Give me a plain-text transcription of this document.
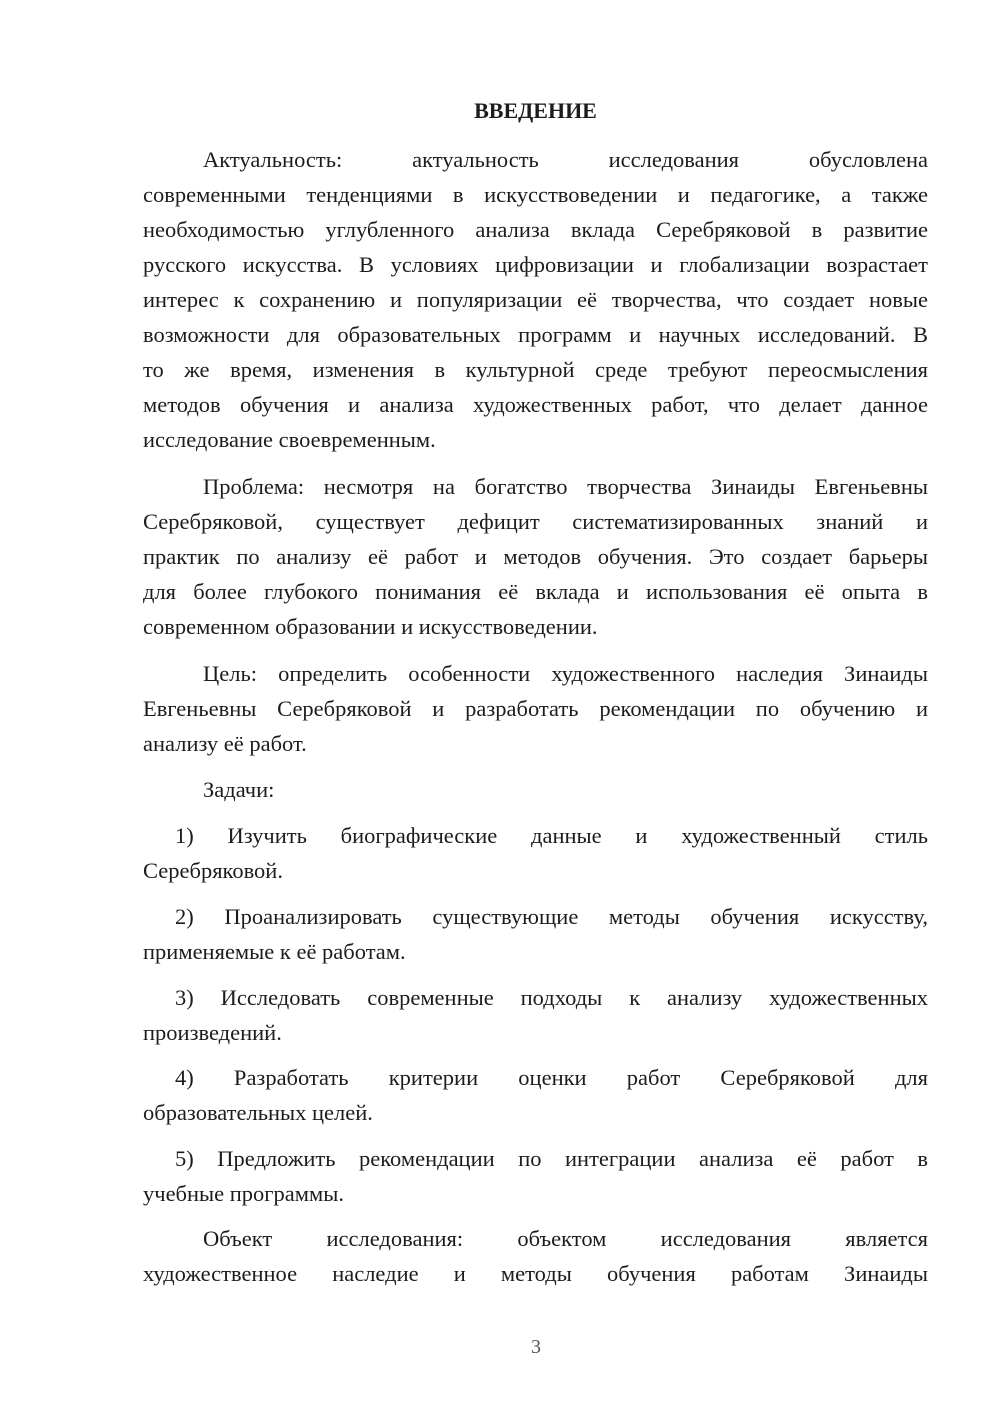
ВВЕДЕНИЕ
Актуальность: актуальность исследования обусловлена
современными тенденциями в искусствоведении и педагогике, а также
необходимостью углубленного анализа вклада Серебряковой в развитие
русского искусства. В условиях цифровизации и глобализации возрастает
интерес к сохранению и популяризации её творчества, что создает новые
возможности для образовательных программ и научных исследований. В
то же время, изменения в культурной среде требуют переосмысления
методов обучения и анализа художественных работ, что делает данное
исследование своевременным.
Проблема: несмотря на богатство творчества Зинаиды Евгеньевны
Серебряковой, существует дефицит систематизированных знаний и
практик по анализу её работ и методов обучения. Это создает барьеры
для более глубокого понимания её вклада и использования её опыта в
современном образовании и искусствоведении.
Цель: определить особенности художественного наследия Зинаиды
Евгеньевны Серебряковой и разработать рекомендации по обучению и
анализу её работ.
Задачи:
1) Изучить биографические данные и художественный стиль
Серебряковой.
2) Проанализировать существующие методы обучения искусству,
применяемые к её работам.
3) Исследовать современные подходы к анализу художественных
произведений.
4) Разработать критерии оценки работ Серебряковой для
образовательных целей.
5) Предложить рекомендации по интеграции анализа её работ в
учебные программы.
Объект исследования: объектом исследования является
художественное наследие и методы обучения работам Зинаиды
3
